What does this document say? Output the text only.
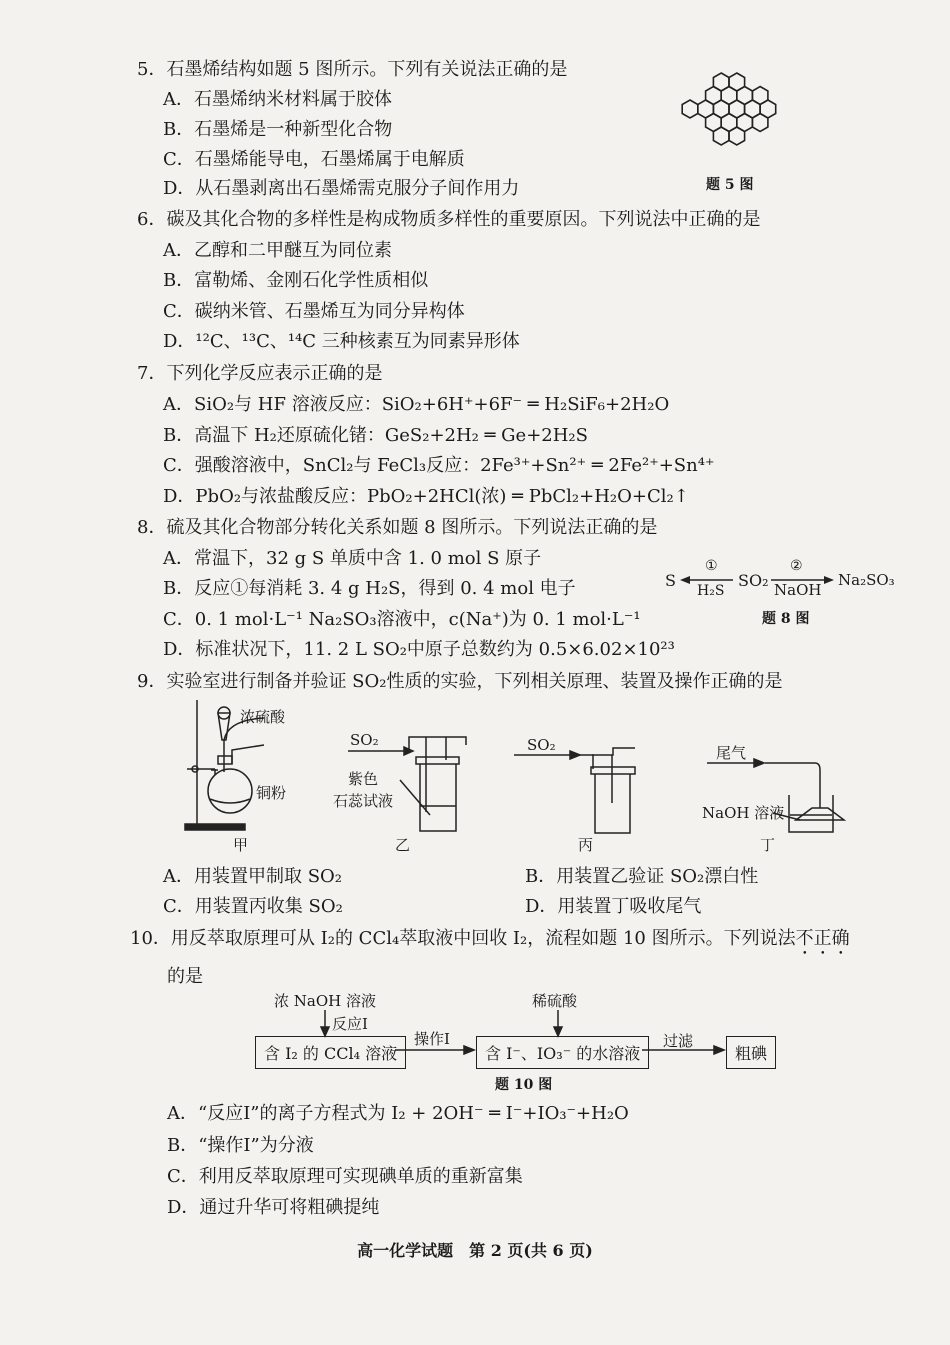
5．石墨烯结构如题 5 图所示。下列有关说法正确的是
A．石墨烯纳米材料属于胶体
B．石墨烯是一种新型化合物
C．石墨烯能导电，石墨烯属于电解质
D．从石墨剥离出石墨烯需克服分子间作用力	题 5 图
6．碳及其化合物的多样性是构成物质多样性的重要原因。下列说法中正确的是
A．乙醇和二甲醚互为同位素
B．富勒烯、金刚石化学性质相似
C．碳纳米管、石墨烯互为同分异构体
D．¹²C、¹³C、¹⁴C 三种核素互为同素异形体
7．下列化学反应表示正确的是
A．SiO₂与 HF 溶液反应：SiO₂+6H⁺+6F⁻ ═ H₂SiF₆+2H₂O
B．高温下 H₂还原硫化锗：GeS₂+2H₂ ═ Ge+2H₂S
C．强酸溶液中，SnCl₂与 FeCl₃反应：2Fe³⁺+Sn²⁺ ═ 2Fe²⁺+Sn⁴⁺
D．PbO₂与浓盐酸反应：PbO₂+2HCl(浓) ═ PbCl₂+H₂O+Cl₂↑
8．硫及其化合物部分转化关系如题 8 图所示。下列说法正确的是
A．常温下，32 g S 单质中含 1. 0 mol S 原子
B．反应①每消耗 3. 4 g H₂S，得到 0. 4 mol 电子
C．0. 1 mol·L⁻¹ Na₂SO₃溶液中，c(Na⁺)为 0. 1 mol·L⁻¹
D．标准状况下，11. 2 L SO₂中原子总数约为 0.5×6.02×10²³
S
①
H₂S
SO₂
②
NaOH
Na₂SO₃
题 8 图
9．实验室进行制备并验证 SO₂性质的实验，下列相关原理、装置及操作正确的是
浓硫酸
铜粉
甲
SO₂
紫色
石蕊试液
乙
SO₂
丙
尾气
NaOH 溶液
丁
A．用装置甲制取 SO₂	B．用装置乙验证 SO₂漂白性
C．用装置丙收集 SO₂	D．用装置丁吸收尾气
10．用反萃取原理可从 I₂的 CCl₄萃取液中回收 I₂，流程如题 10 图所示。下列说法不正确
的是
浓 NaOH 溶液
反应Ⅰ
含 I₂ 的 CCl₄ 溶液
操作Ⅰ
稀硫酸
含 I⁻、IO₃⁻ 的水溶液
过滤
粗碘
题 10 图
A．“反应Ⅰ”的离子方程式为 I₂ + 2OH⁻ ═ I⁻+IO₃⁻+H₂O
B．“操作Ⅰ”为分液
C．利用反萃取原理可实现碘单质的重新富集
D．通过升华可将粗碘提纯
高一化学试题　第 2 页(共 6 页)
